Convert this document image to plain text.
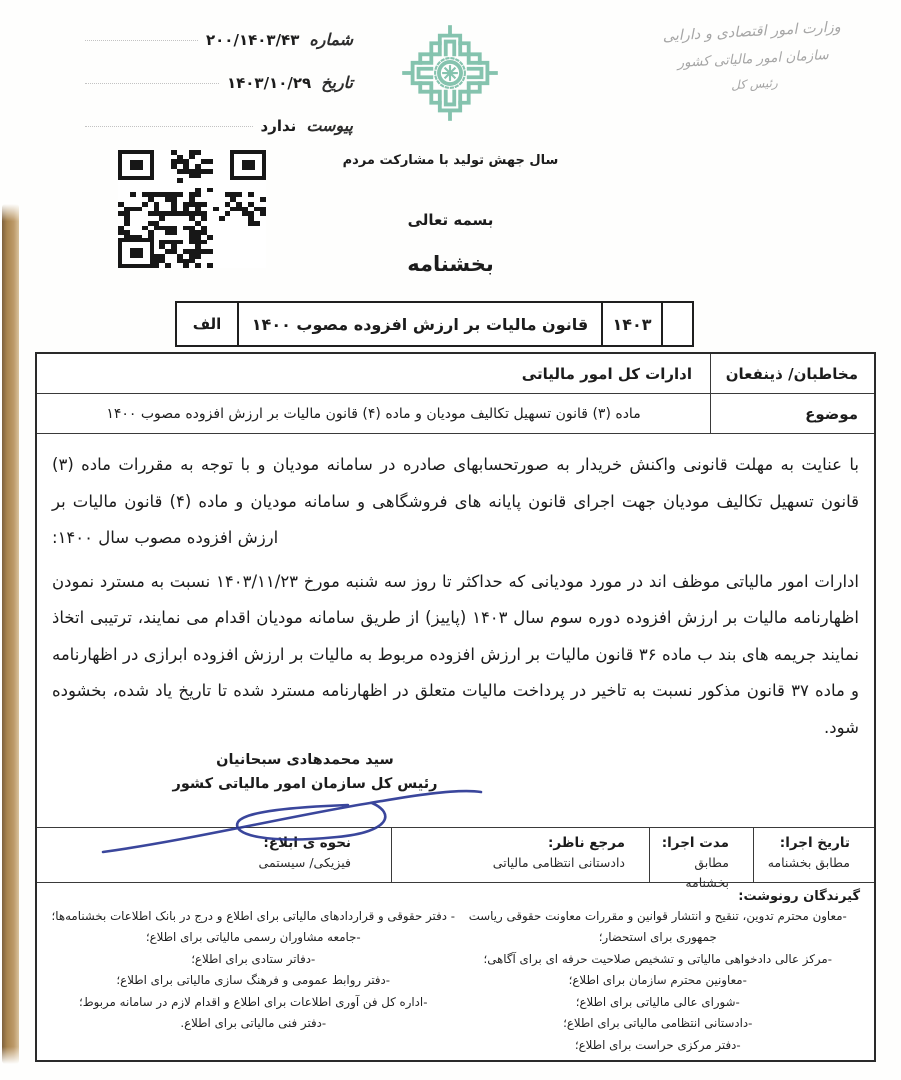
شماره
۲۰۰/۱۴۰۳/۴۳
تاریخ
۱۴۰۳/۱۰/۲۹
پیوست
ندارد
وزارت امور اقتصادی و دارایی
سازمان امور مالیاتی کشور
رئیس کل
سال جهش تولید با مشارکت مردم
بسمه تعالی
بخشنامه
۱۴۰۳
قانون مالیات بر ارزش افزوده مصوب ۱۴۰۰
الف
مخاطبان/ ذینفعان
ادارات کل امور مالیاتی
موضوع
ماده (۳) قانون تسهیل تکالیف مودیان و ماده (۴) قانون مالیات بر ارزش افزوده مصوب ۱۴۰۰

با عنایت به مهلت قانونی واکنش خریدار به صورتحسابهای صادره در سامانه مودیان و با توجه به مقررات ماده (۳) قانون تسهیل تکالیف مودیان جهت اجرای قانون پایانه های فروشگاهی و سامانه مودیان و ماده (۴) قانون مالیات بر ارزش افزوده مصوب سال ۱۴۰۰:

ادارات امور مالیاتی موظف اند در مورد مودیانی که حداکثر تا روز سه شنبه مورخ ۱۴۰۳/۱۱/۲۳ نسبت به مسترد نمودن اظهارنامه مالیات بر ارزش افزوده دوره سوم سال ۱۴۰۳ (پاییز) از طریق سامانه مودیان اقدام می نمایند، ترتیبی اتخاذ نمایند جریمه های بند ب ماده ۳۶ قانون مالیات بر ارزش افزوده مربوط به مالیات بر ارزش افزوده ابرازی در اظهارنامه و ماده ۳۷ قانون مذکور نسبت به تاخیر در پرداخت مالیات متعلق در اظهارنامه مسترد شده تا تاریخ یاد شده، بخشوده شود.

سید محمدهادی سبحانیان
رئیس کل سازمان امور مالیاتی کشور
تاریخ اجرا:
مطابق بخشنامه
مدت اجرا:
مطابق بخشنامه
مرجع ناظر:
دادستانی انتظامی مالیاتی
نحوه ی ابلاغ:
فیزیکی/ سیستمی
گیرندگان رونوشت:
-معاون محترم تدوین، تنقیح و انتشار قوانین و مقررات معاونت حقوقی ریاست جمهوری برای استحضار؛
-مرکز عالی دادخواهی مالیاتی و تشخیص صلاحیت حرفه ای برای آگاهی؛
-معاونین محترم سازمان برای اطلاع؛
-شورای عالی مالیاتی برای اطلاع؛
-دادستانی انتظامی مالیاتی برای اطلاع؛
-دفتر مرکزی حراست برای اطلاع؛
- دفتر حقوقی و قراردادهای مالیاتی برای اطلاع و درج در بانک اطلاعات بخشنامه‌ها؛
-جامعه مشاوران رسمی مالیاتی برای اطلاع؛
-دفاتر ستادی برای اطلاع؛
-دفتر روابط عمومی و فرهنگ سازی مالیاتی برای اطلاع؛
-اداره کل فن آوری اطلاعات برای اطلاع و اقدام لازم در سامانه مربوط؛
-دفتر فنی مالیاتی برای اطلاع.
